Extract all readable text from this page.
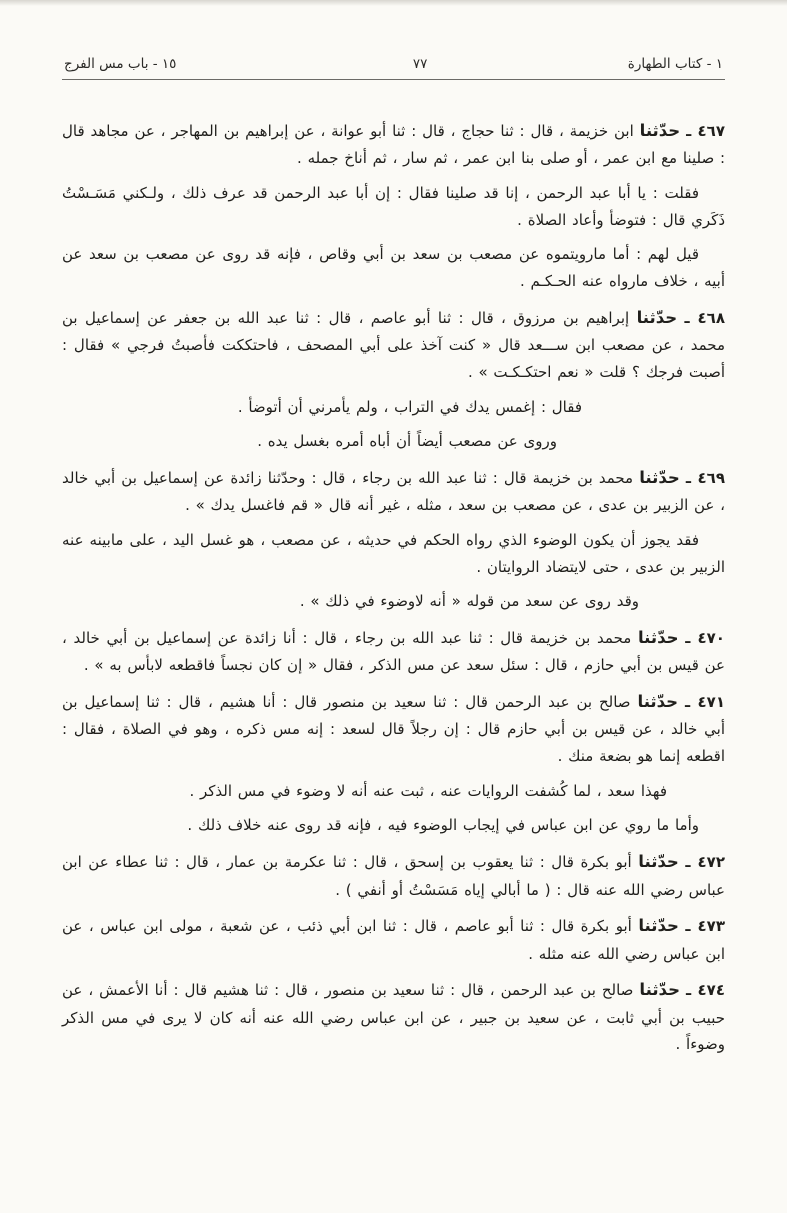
١ - كتاب الطهارة
٧٧
١٥ - باب مس الفرج

٤٦٧ ـ حدّثنا ابن خزيمة ، قال : ثنا حجاج ، قال : ثنا أبو عوانة ، عن إبراهيم بن المهاجر ، عن مجاهد قال : صلينا مع ابن عمر ، أو صلى بنا ابن عمر ، ثم سار ، ثم أناخ جمله .

فقلت : يا أبا عبد الرحمن ، إنا قد صلينا فقال : إن أبا عبد الرحمن قد عرف ذلك ، ولـكني مَسَـسْتُ ذَكَري قال : فتوضأ وأعاد الصلاة .

قيل لهم : أما مارويتموه عن مصعب بن سعد بن أبي وقاص ، فإنه قد روى عن مصعب بن سعد عن أبيه ، خلاف مارواه عنه الحـكـم .

٤٦٨ ـ حدّثنا إبراهيم بن مرزوق ، قال : ثنا أبو عاصم ، قال : ثنا عبد الله بن جعفر عن إسماعيل بن محمد ، عن مصعب ابن ســـعد قال « كنت آخذ على أبي المصحف ، فاحتككت فأصبتُ فرجي » فقال : أصبت فرجك ؟ قلت « نعم احتكـكـت » .

فقال : إغمس يدك في التراب ، ولم يأمرني أن أتوضأ .

وروى عن مصعب أيضاً أن أباه أمره بغسل يده .

٤٦٩ ـ حدّثنا محمد بن خزيمة قال : ثنا عبد الله بن رجاء ، قال : وحدّثنا زائدة عن إسماعيل بن أبي خالد ، عن الزبير بن عدى ، عن مصعب بن سعد ، مثله ، غير أنه قال « قم فاغسل يدك » .

فقد يجوز أن يكون الوضوء الذي رواه الحكم في حديثه ، عن مصعب ، هو غسل اليد ، على مابينه عنه الزبير بن عدى ، حتى لايتضاد الروايتان .

وقد روى عن سعد من قوله « أنه لاوضوء في ذلك » .

٤٧٠ ـ حدّثنا محمد بن خزيمة قال : ثنا عبد الله بن رجاء ، قال : أنا زائدة عن إسماعيل بن أبي خالد ، عن قيس بن أبي حازم ، قال : سئل سعد عن مس الذكر ، فقال « إن كان نجساً فاقطعه لابأس به » .

٤٧١ ـ حدّثنا صالح بن عبد الرحمن قال : ثنا سعيد بن منصور قال : أنا هشيم ، قال : ثنا إسماعيل بن أبي خالد ، عن قيس بن أبي حازم قال : إن رجلاً قال لسعد : إنه مس ذكره ، وهو في الصلاة ، فقال : اقطعه إنما هو بضعة منك .

فهذا سعد ، لما كُشفت الروايات عنه ، ثبت عنه أنه لا وضوء في مس الذكر .

وأما ما روي عن ابن عباس في إيجاب الوضوء فيه ، فإنه قد روى عنه خلاف ذلك .

٤٧٢ ـ حدّثنا أبو بكرة قال : ثنا يعقوب بن إسحق ، قال : ثنا عكرمة بن عمار ، قال : ثنا عطاء عن ابن عباس رضي الله عنه قال : ( ما أبالي إياه مَسَسْتُ أو أنفي ) .

٤٧٣ ـ حدّثنا أبو بكرة قال : ثنا أبو عاصم ، قال : ثنا ابن أبي ذئب ، عن شعبة ، مولى ابن عباس ، عن ابن عباس رضي الله عنه مثله .

٤٧٤ ـ حدّثنا صالح بن عبد الرحمن ، قال : ثنا سعيد بن منصور ، قال : ثنا هشيم قال : أنا الأعمش ، عن حبيب بن أبي ثابت ، عن سعيد بن جبير ، عن ابن عباس رضي الله عنه أنه كان لا يرى في مس الذكر وضوءاً .
